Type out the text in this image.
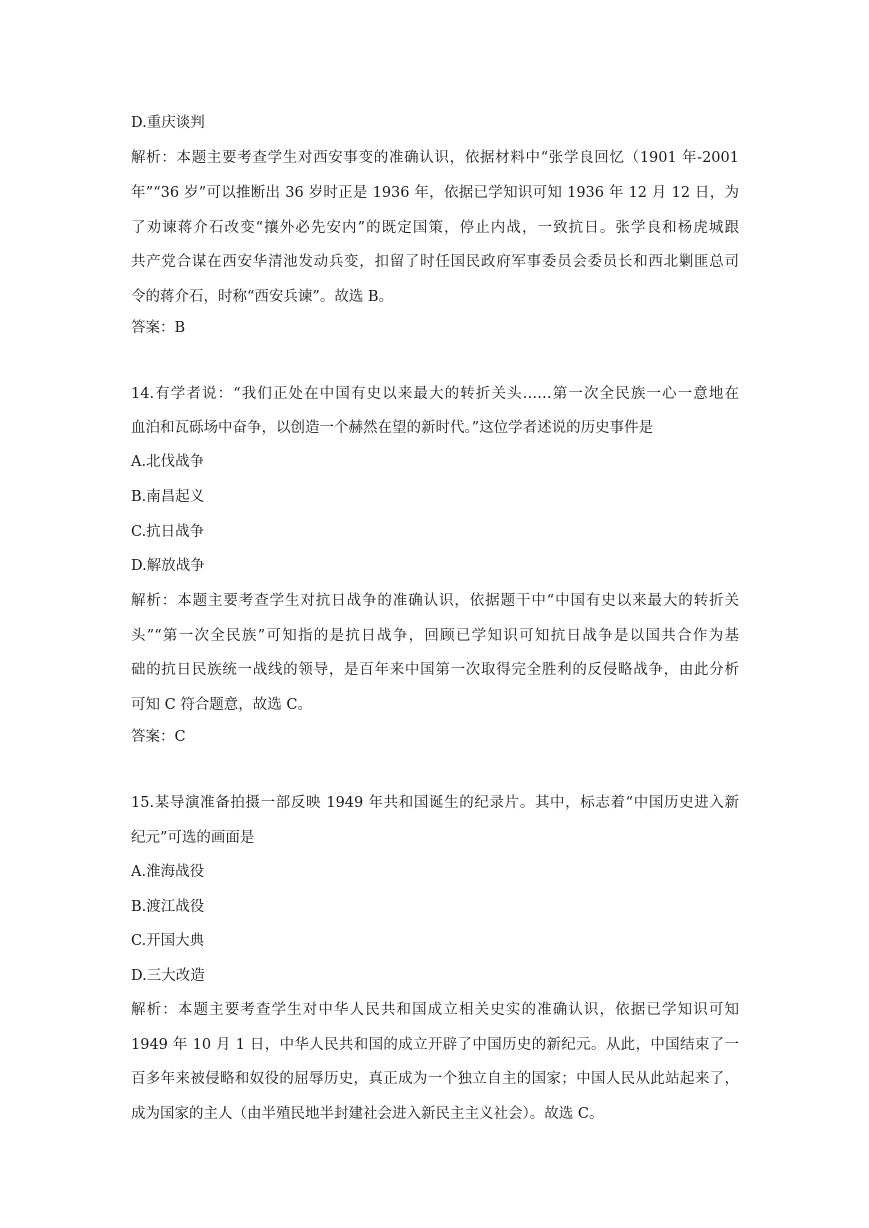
D.重庆谈判
解析：本题主要考查学生对西安事变的准确认识，依据材料中“张学良回忆（1901 年-2001
年”“36 岁”可以推断出 36 岁时正是 1936 年，依据已学知识可知 1936 年 12 月 12 日，为
了劝谏蒋介石改变“攘外必先安内”的既定国策，停止内战，一致抗日。张学良和杨虎城跟
共产党合谋在西安华清池发动兵变，扣留了时任国民政府军事委员会委员长和西北剿匪总司
令的蒋介石，时称“西安兵谏”。故选 B。
答案：B
14.有学者说：“我们正处在中国有史以来最大的转折关头……第一次全民族一心一意地在
血泊和瓦砾场中奋争，以创造一个赫然在望的新时代。”这位学者述说的历史事件是
A.北伐战争
B.南昌起义
C.抗日战争
D.解放战争
解析：本题主要考查学生对抗日战争的准确认识，依据题干中“中国有史以来最大的转折关
头”“第一次全民族”可知指的是抗日战争，回顾已学知识可知抗日战争是以国共合作为基
础的抗日民族统一战线的领导，是百年来中国第一次取得完全胜利的反侵略战争，由此分析
可知 C 符合题意，故选 C。
答案：C
15.某导演准备拍摄一部反映 1949 年共和国诞生的纪录片。其中，标志着“中国历史进入新
纪元”可选的画面是
A.淮海战役
B.渡江战役
C.开国大典
D.三大改造
解析：本题主要考查学生对中华人民共和国成立相关史实的准确认识，依据已学知识可知
1949 年 10 月 1 日，中华人民共和国的成立开辟了中国历史的新纪元。从此，中国结束了一
百多年来被侵略和奴役的屈辱历史，真正成为一个独立自主的国家；中国人民从此站起来了，
成为国家的主人（由半殖民地半封建社会进入新民主主义社会）。故选 C。
